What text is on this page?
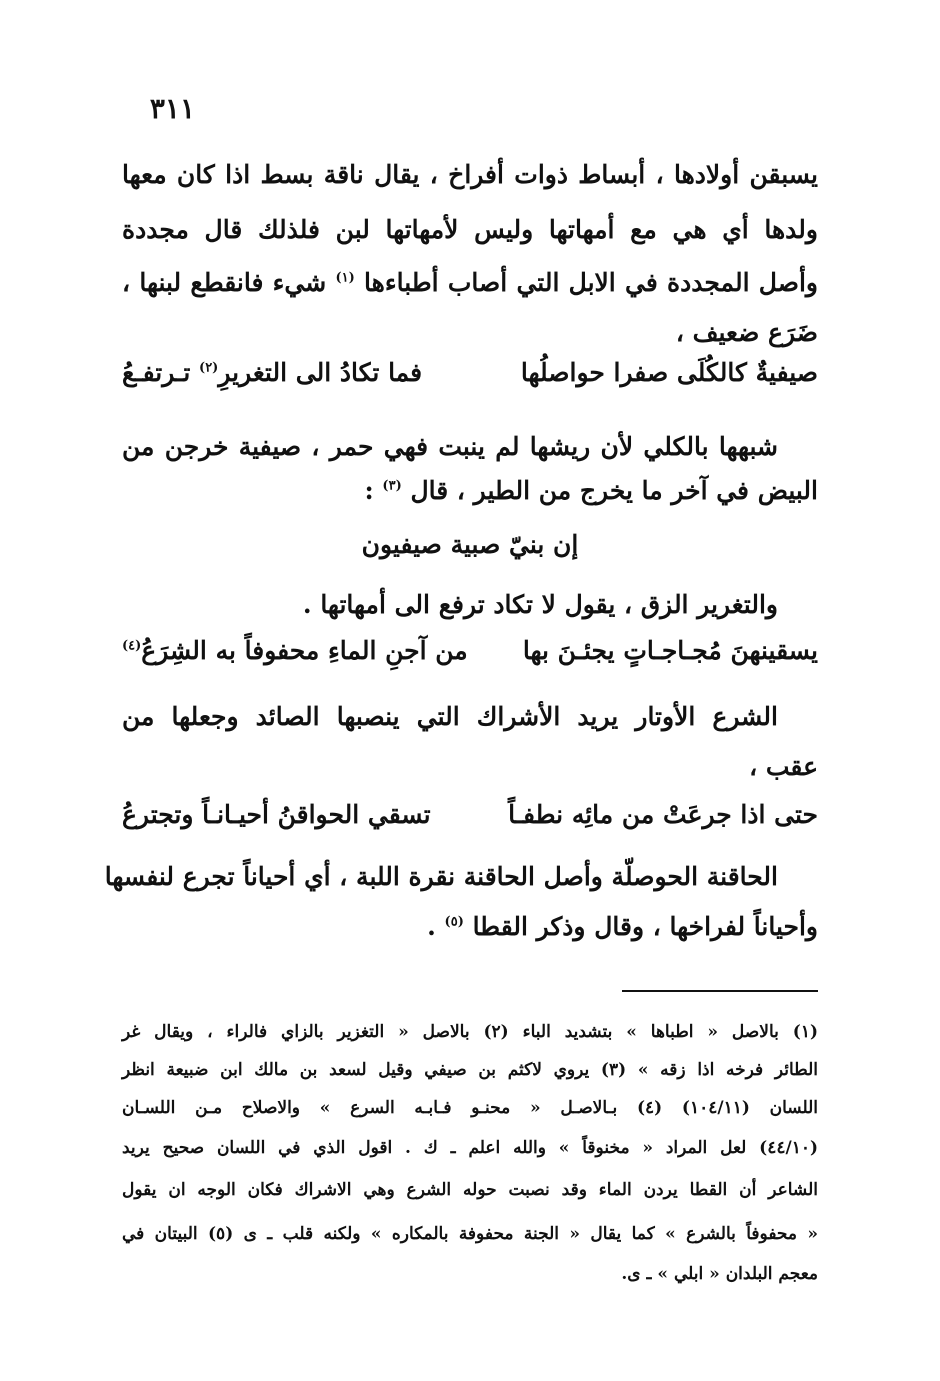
٣١١
يسبقن أولادها ، أبساط ذوات أفراخ ، يقال ناقة بسط اذا كان معها
ولدها أي هي مع أمهاتها وليس لأمهاتها لبن فلذلك قال مجددة
وأصل المجددة في الابل التي أصاب أطباءها $^{(١)}$ شيء فانقطع لبنها ،
ضَرَع ضعيف ،
صيفيةٌ كالكُلَى صفرا حواصلُها
فما تكادُ الى التغريرِ$^{(٢)}$ تـرتفـعُ
شبهها بالكلي لأن ريشها لم ينبت فهي حمر ، صيفية خرجن من
البيض في آخر ما يخرج من الطير ، قال $^{(٣)}$ :
إن بنيّ صبية صيفيون
والتغرير الزق ، يقول لا تكاد ترفع الى أمهاتها .
يسقينهنَ مُجـاجـاتٍ يجئـنَ بها
من آجنِ الماءِ محفوفاً به الشِرَعُ$^{(٤)}$
الشرع الأوتار يريد الأشراك التي ينصبها الصائد وجعلها من
عقب ،
حتى اذا جرعَتْ من مائِه نطفـاً
تسقي الحواقنُ أحيـانـاً وتجترعُ
الحاقنة الحوصلّة وأصل الحاقنة نقرة اللبة ، أي أحياناً تجرع لنفسها
وأحياناً لفراخها ، وقال وذكر القطا $^{(٥)}$ .
(١) بالاصل « اطباها » بتشديد الباء (٢) بالاصل « التغزير بالزاي فالراء ، ويقال غر
الطائر فرخه اذا زقه » (٣) يروي لاكثم بن صيفي وقيل لسعد بن مالك ابن ضبيعة انظر
اللسان (١٠٤/١١) (٤) بـالاصـل « محنـو فـابـه السرع » والاصلاح مـن اللسـان
(٤٤/١٠) لعل المراد « مخنوقاً » والله اعلم ـ ك . اقول الذي في اللسان صحيح يريد
الشاعر أن القطا يردن الماء وقد نصبت حوله الشرع وهي الاشراك فكان الوجه ان يقول
« محفوفاً بالشرع » كما يقال « الجنة محفوفة بالمكاره » ولكنه قلب ـ ى (٥) البيتان في
معجم البلدان « ابلي » ـ ى.
